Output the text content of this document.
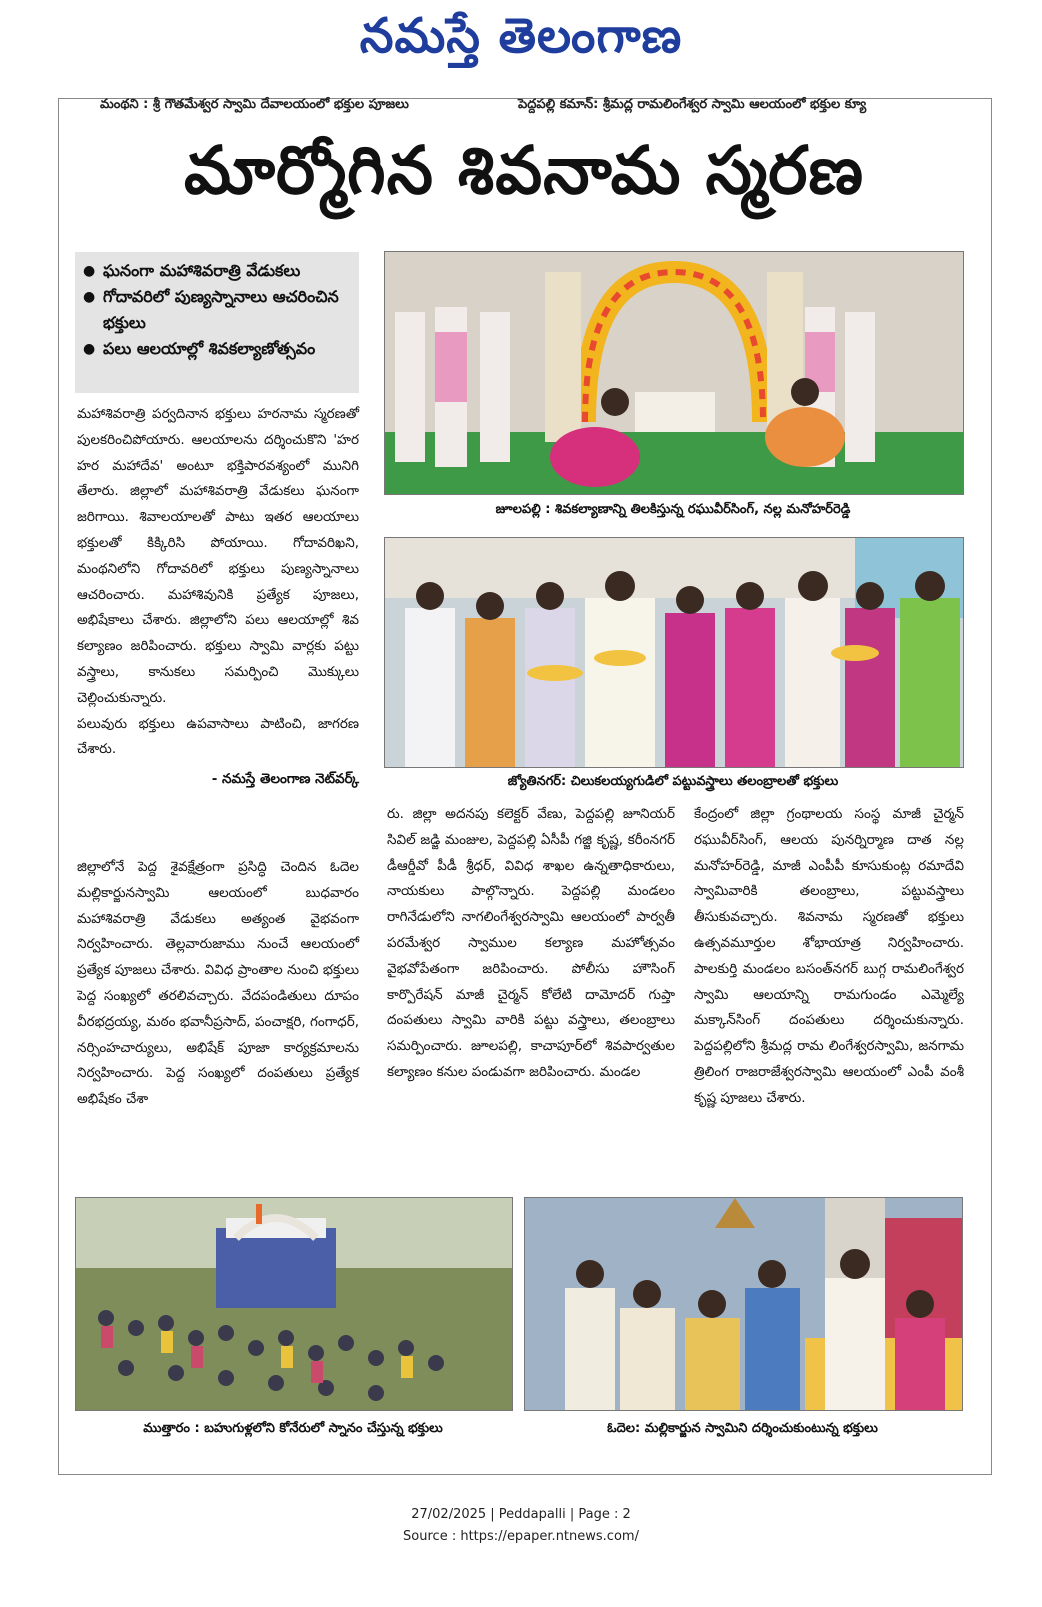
నమస్తే తెలంగాణ
మంథని : శ్రీ గౌతమేశ్వర స్వామి దేవాలయంలో భక్తుల పూజలు	పెద్దపల్లి కమాన్: శ్రీమద్ల రామలింగేశ్వర స్వామి ఆలయంలో భక్తుల క్యూ
మార్మోగిన శివనామ స్మరణ
● ఘనంగా మహాశివరాత్రి వేడుకలు
● గోదావరిలో పుణ్యస్నానాలు ఆచరించిన భక్తులు
● పలు ఆలయాల్లో శివకల్యాణోత్సవం

మహాశివరాత్రి పర్వదినాన భక్తులు హరనామ స్మరణతో పులకరించిపోయారు. ఆలయాలను దర్శించుకొని 'హర హర మహాదేవ' అంటూ భక్తిపారవశ్యంలో మునిగి తేలారు. జిల్లాలో మహాశివరాత్రి వేడుకలు ఘనంగా జరిగాయి. శివాలయాలతో పాటు ఇతర ఆలయాలు భక్తులతో కిక్కిరిసి పోయాయి. గోదావరిఖని, మంథనిలోని గోదావరిలో భక్తులు పుణ్యస్నానాలు ఆచరించారు. మహాశివునికి ప్రత్యేక పూజలు, అభిషేకాలు చేశారు. జిల్లాలోని పలు ఆలయాల్లో శివ కల్యాణం జరిపించారు. భక్తులు స్వామి వార్లకు పట్టు వస్త్రాలు, కానుకలు సమర్పించి మొక్కులు చెల్లించుకున్నారు.

పలువురు భక్తులు ఉపవాసాలు పాటించి, జాగరణ చేశారు.

- నమస్తే తెలంగాణ నెట్‌వర్క్
జూలపల్లి : శివకల్యాణాన్ని తిలకిస్తున్న రఘువీర్‌సింగ్, నల్ల మనోహర్‌రెడ్డి
జ్యోతినగర్: చిలుకలయ్యగుడిలో పట్టువస్త్రాలు తలంబ్రాలతో భక్తులు
జిల్లాలోనే పెద్ద శైవక్షేత్రంగా ప్రసిద్ధి చెందిన ఓదెల మల్లికార్జునస్వామి ఆలయంలో బుధవారం మహాశివరాత్రి వేడుకలు అత్యంత వైభవంగా నిర్వహించారు. తెల్లవారుజాము నుంచే ఆలయంలో ప్రత్యేక పూజలు చేశారు. వివిధ ప్రాంతాల నుంచి భక్తులు పెద్ద సంఖ్యలో తరలివచ్చారు. వేదపండితులు దూపం వీరభద్రయ్య, మఠం భవానీప్రసాద్, పంచాక్షరి, గంగాధర్, నర్సింహచార్యులు, అభిషేక్ పూజా కార్యక్రమాలను నిర్వహించారు. పెద్ద సంఖ్యలో దంపతులు ప్రత్యేక అభిషేకం చేశా
రు. జిల్లా అదనపు కలెక్టర్ వేణు, పెద్దపల్లి జూనియర్ సివిల్ జడ్జి మంజుల, పెద్దపల్లి ఏసీపీ గజ్జి కృష్ణ, కరీంనగర్ డీఆర్డీవో పీడీ శ్రీధర్, వివిధ శాఖల ఉన్నతాధికారులు, నాయకులు పాల్గొన్నారు. పెద్దపల్లి మండలం రాగినేడులోని నాగలింగేశ్వరస్వామి ఆలయంలో పార్వతీ పరమేశ్వర స్వాముల కల్యాణ మహోత్సవం వైభవోపేతంగా జరిపించారు. పోలీసు హౌసింగ్ కార్పొరేషన్ మాజీ చైర్మన్ కోలేటి దామోదర్ గుప్తా దంపతులు స్వామి వారికి పట్టు వస్త్రాలు, తలంబ్రాలు సమర్పించారు. జూలపల్లి, కాచాపూర్‌లో శివపార్వతుల కల్యాణం కనుల పండువగా జరిపించారు. మండల
కేంద్రంలో జిల్లా గ్రంథాలయ సంస్థ మాజీ చైర్మన్ రఘువీర్‌సింగ్, ఆలయ పునర్నిర్మాణ దాత నల్ల మనోహర్‌రెడ్డి, మాజీ ఎంపీపీ కూసుకుంట్ల రమాదేవి స్వామివారికి తలంబ్రాలు, పట్టువస్త్రాలు తీసుకువచ్చారు. శివనామ స్మరణతో భక్తులు ఉత్సవమూర్తుల శోభాయాత్ర నిర్వహించారు. పాలకుర్తి మండలం బసంత్‌నగర్ బుగ్గ రామలింగేశ్వర స్వామి ఆలయాన్ని రామగుండం ఎమ్మెల్యే మక్కాన్‌సింగ్ దంపతులు దర్శించుకున్నారు. పెద్దపల్లిలోని శ్రీమద్ల రామ లింగేశ్వరస్వామి, జనగామ త్రిలింగ రాజరాజేశ్వరస్వామి ఆలయంలో ఎంపీ వంశీ కృష్ణ పూజలు చేశారు.
ముత్తారం : బహుగుళ్లలోని కోనేరులో స్నానం చేస్తున్న భక్తులు	ఓదెల: మల్లికార్జున స్వామిని దర్శించుకుంటున్న భక్తులు
27/02/2025 | Peddapalli | Page : 2
Source : https://epaper.ntnews.com/
